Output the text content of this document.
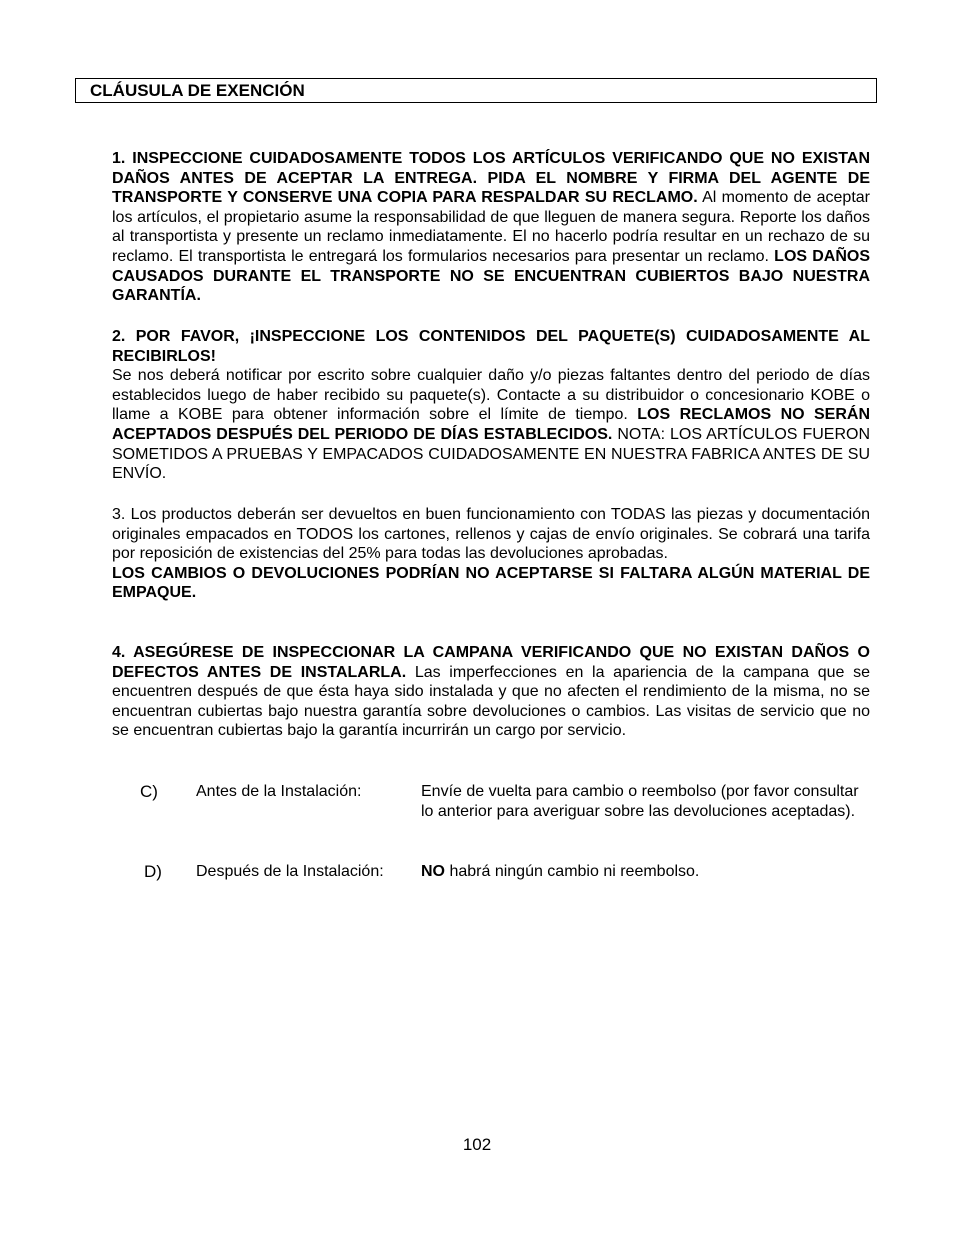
CLÁUSULA DE EXENCIÓN

1. INSPECCIONE CUIDADOSAMENTE TODOS LOS ARTÍCULOS VERIFICANDO QUE NO EXISTAN DAÑOS ANTES DE ACEPTAR LA ENTREGA. PIDA EL NOMBRE Y FIRMA DEL AGENTE DE TRANSPORTE Y CONSERVE UNA COPIA PARA RESPALDAR SU RECLAMO. Al momento de aceptar los artículos, el propietario asume la responsabilidad de que lleguen de manera segura. Reporte los daños al transportista y presente un reclamo inmediatamente. El no hacerlo podría resultar en un rechazo de su reclamo. El transportista le entregará los formularios necesarios para presentar un reclamo. LOS DAÑOS CAUSADOS DURANTE EL TRANSPORTE NO SE ENCUENTRAN CUBIERTOS BAJO NUESTRA GARANTÍA.

2. POR FAVOR, ¡INSPECCIONE LOS CONTENIDOS DEL PAQUETE(S) CUIDADOSAMENTE AL RECIBIRLOS!

Se nos deberá notificar por escrito sobre cualquier daño y/o piezas faltantes dentro del periodo de días establecidos luego de haber recibido su paquete(s). Contacte a su distribuidor o concesionario KOBE o llame a KOBE para obtener información sobre el límite de tiempo. LOS RECLAMOS NO SERÁN ACEPTADOS DESPUÉS DEL PERIODO DE DÍAS ESTABLECIDOS. NOTA: LOS ARTÍCULOS FUERON SOMETIDOS A PRUEBAS Y EMPACADOS CUIDADOSAMENTE EN NUESTRA FABRICA ANTES DE SU ENVÍO.

3. Los productos deberán ser devueltos en buen funcionamiento con TODAS las piezas y documentación originales empacados en TODOS los cartones, rellenos y cajas de envío originales. Se cobrará una tarifa por reposición de existencias del 25% para todas las devoluciones aprobadas.

LOS CAMBIOS O DEVOLUCIONES PODRÍAN NO ACEPTARSE SI FALTARA ALGÚN MATERIAL DE EMPAQUE.

4. ASEGÚRESE DE INSPECCIONAR LA CAMPANA VERIFICANDO QUE NO EXISTAN DAÑOS O DEFECTOS ANTES DE INSTALARLA. Las imperfecciones en la apariencia de la campana que se encuentren después de que ésta haya sido instalada y que no afecten el rendimiento de la misma, no se encuentran cubiertas bajo nuestra garantía sobre devoluciones o cambios. Las visitas de servicio que no se encuentran cubiertas bajo la garantía incurrirán un cargo por servicio.

C) Antes de la Instalación:	Envíe de vuelta para cambio o reembolso (por favor consultar lo anterior para averiguar sobre las devoluciones aceptadas).
D) Después de la Instalación: NO habrá ningún cambio ni reembolso.
102
